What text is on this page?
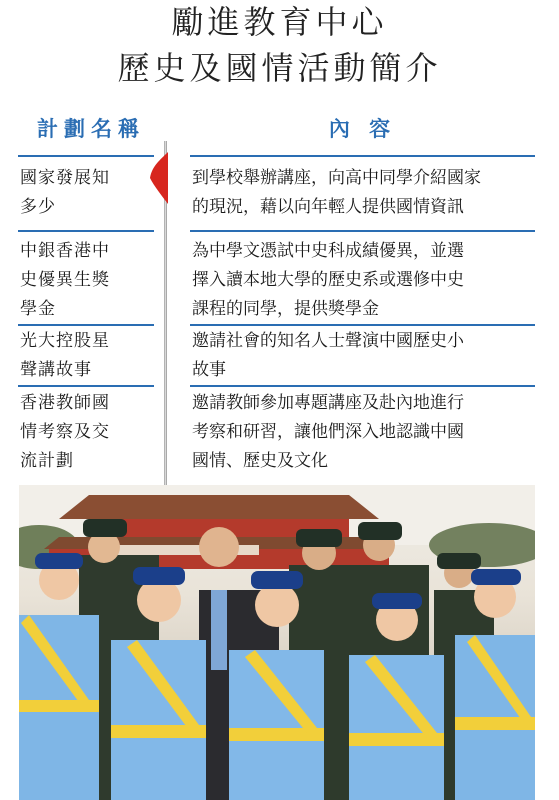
勵進教育中心
歷史及國情活動簡介
計劃名稱	內 容
國家發展知
多少
到學校舉辦講座，向高中同學介紹國家
的現況，藉以向年輕人提供國情資訊
中銀香港中
史優異生獎
學金
為中學文憑試中史科成績優異，並選
擇入讀本地大學的歷史系或選修中史
課程的同學，提供獎學金
光大控股星
聲講故事
邀請社會的知名人士聲演中國歷史小
故事
香港教師國
情考察及交
流計劃
邀請教師參加專題講座及赴內地進行
考察和研習，讓他們深入地認識中國
國情、歷史及文化
